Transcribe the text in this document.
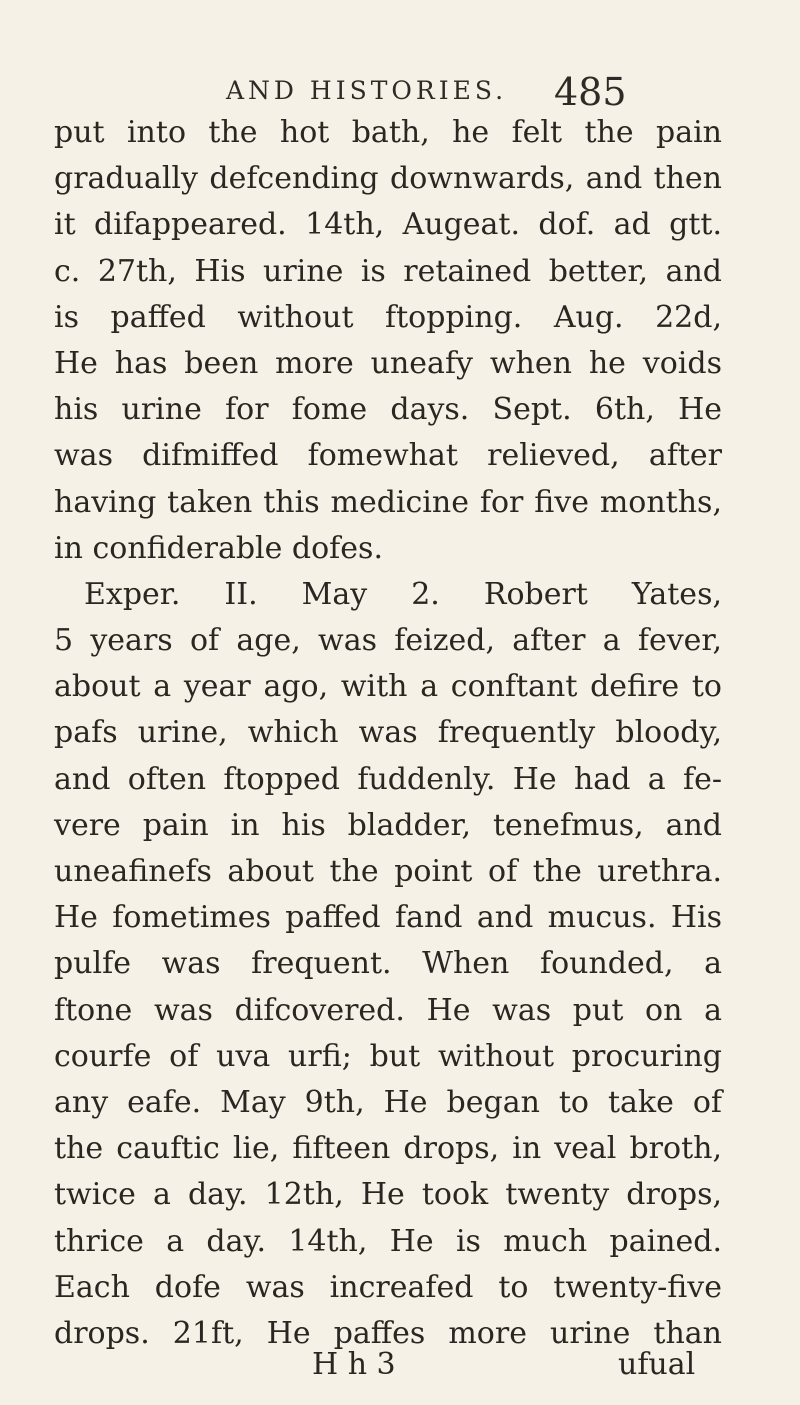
AND HISTORIES. 485
put into the hot bath, he felt the pain
gradually defcending downwards, and then
it difappeared. 14th, Augeat. dof. ad gtt.
c. 27th, His urine is retained better, and
is paffed without ftopping. Aug. 22d,
He has been more uneafy when he voids
his urine for fome days. Sept. 6th, He
was difmiffed fomewhat relieved, after
having taken this medicine for five months,
in confiderable dofes.
Exper. II. May 2. Robert Yates,
5 years of age, was feized, after a fever,
about a year ago, with a conftant defire to
pafs urine, which was frequently bloody,
and often ftopped fuddenly. He had a fe-
vere pain in his bladder, tenefmus, and
uneafinefs about the point of the urethra.
He fometimes paffed fand and mucus. His
pulfe was frequent. When founded, a
ftone was difcovered. He was put on a
courfe of uva urfi; but without procuring
any eafe. May 9th, He began to take of
the cauftic lie, fifteen drops, in veal broth,
twice a day. 12th, He took twenty drops,
thrice a day. 14th, He is much pained.
Each dofe was increafed to twenty-five
drops. 21ft, He paffes more urine than
H h 3	ufual
